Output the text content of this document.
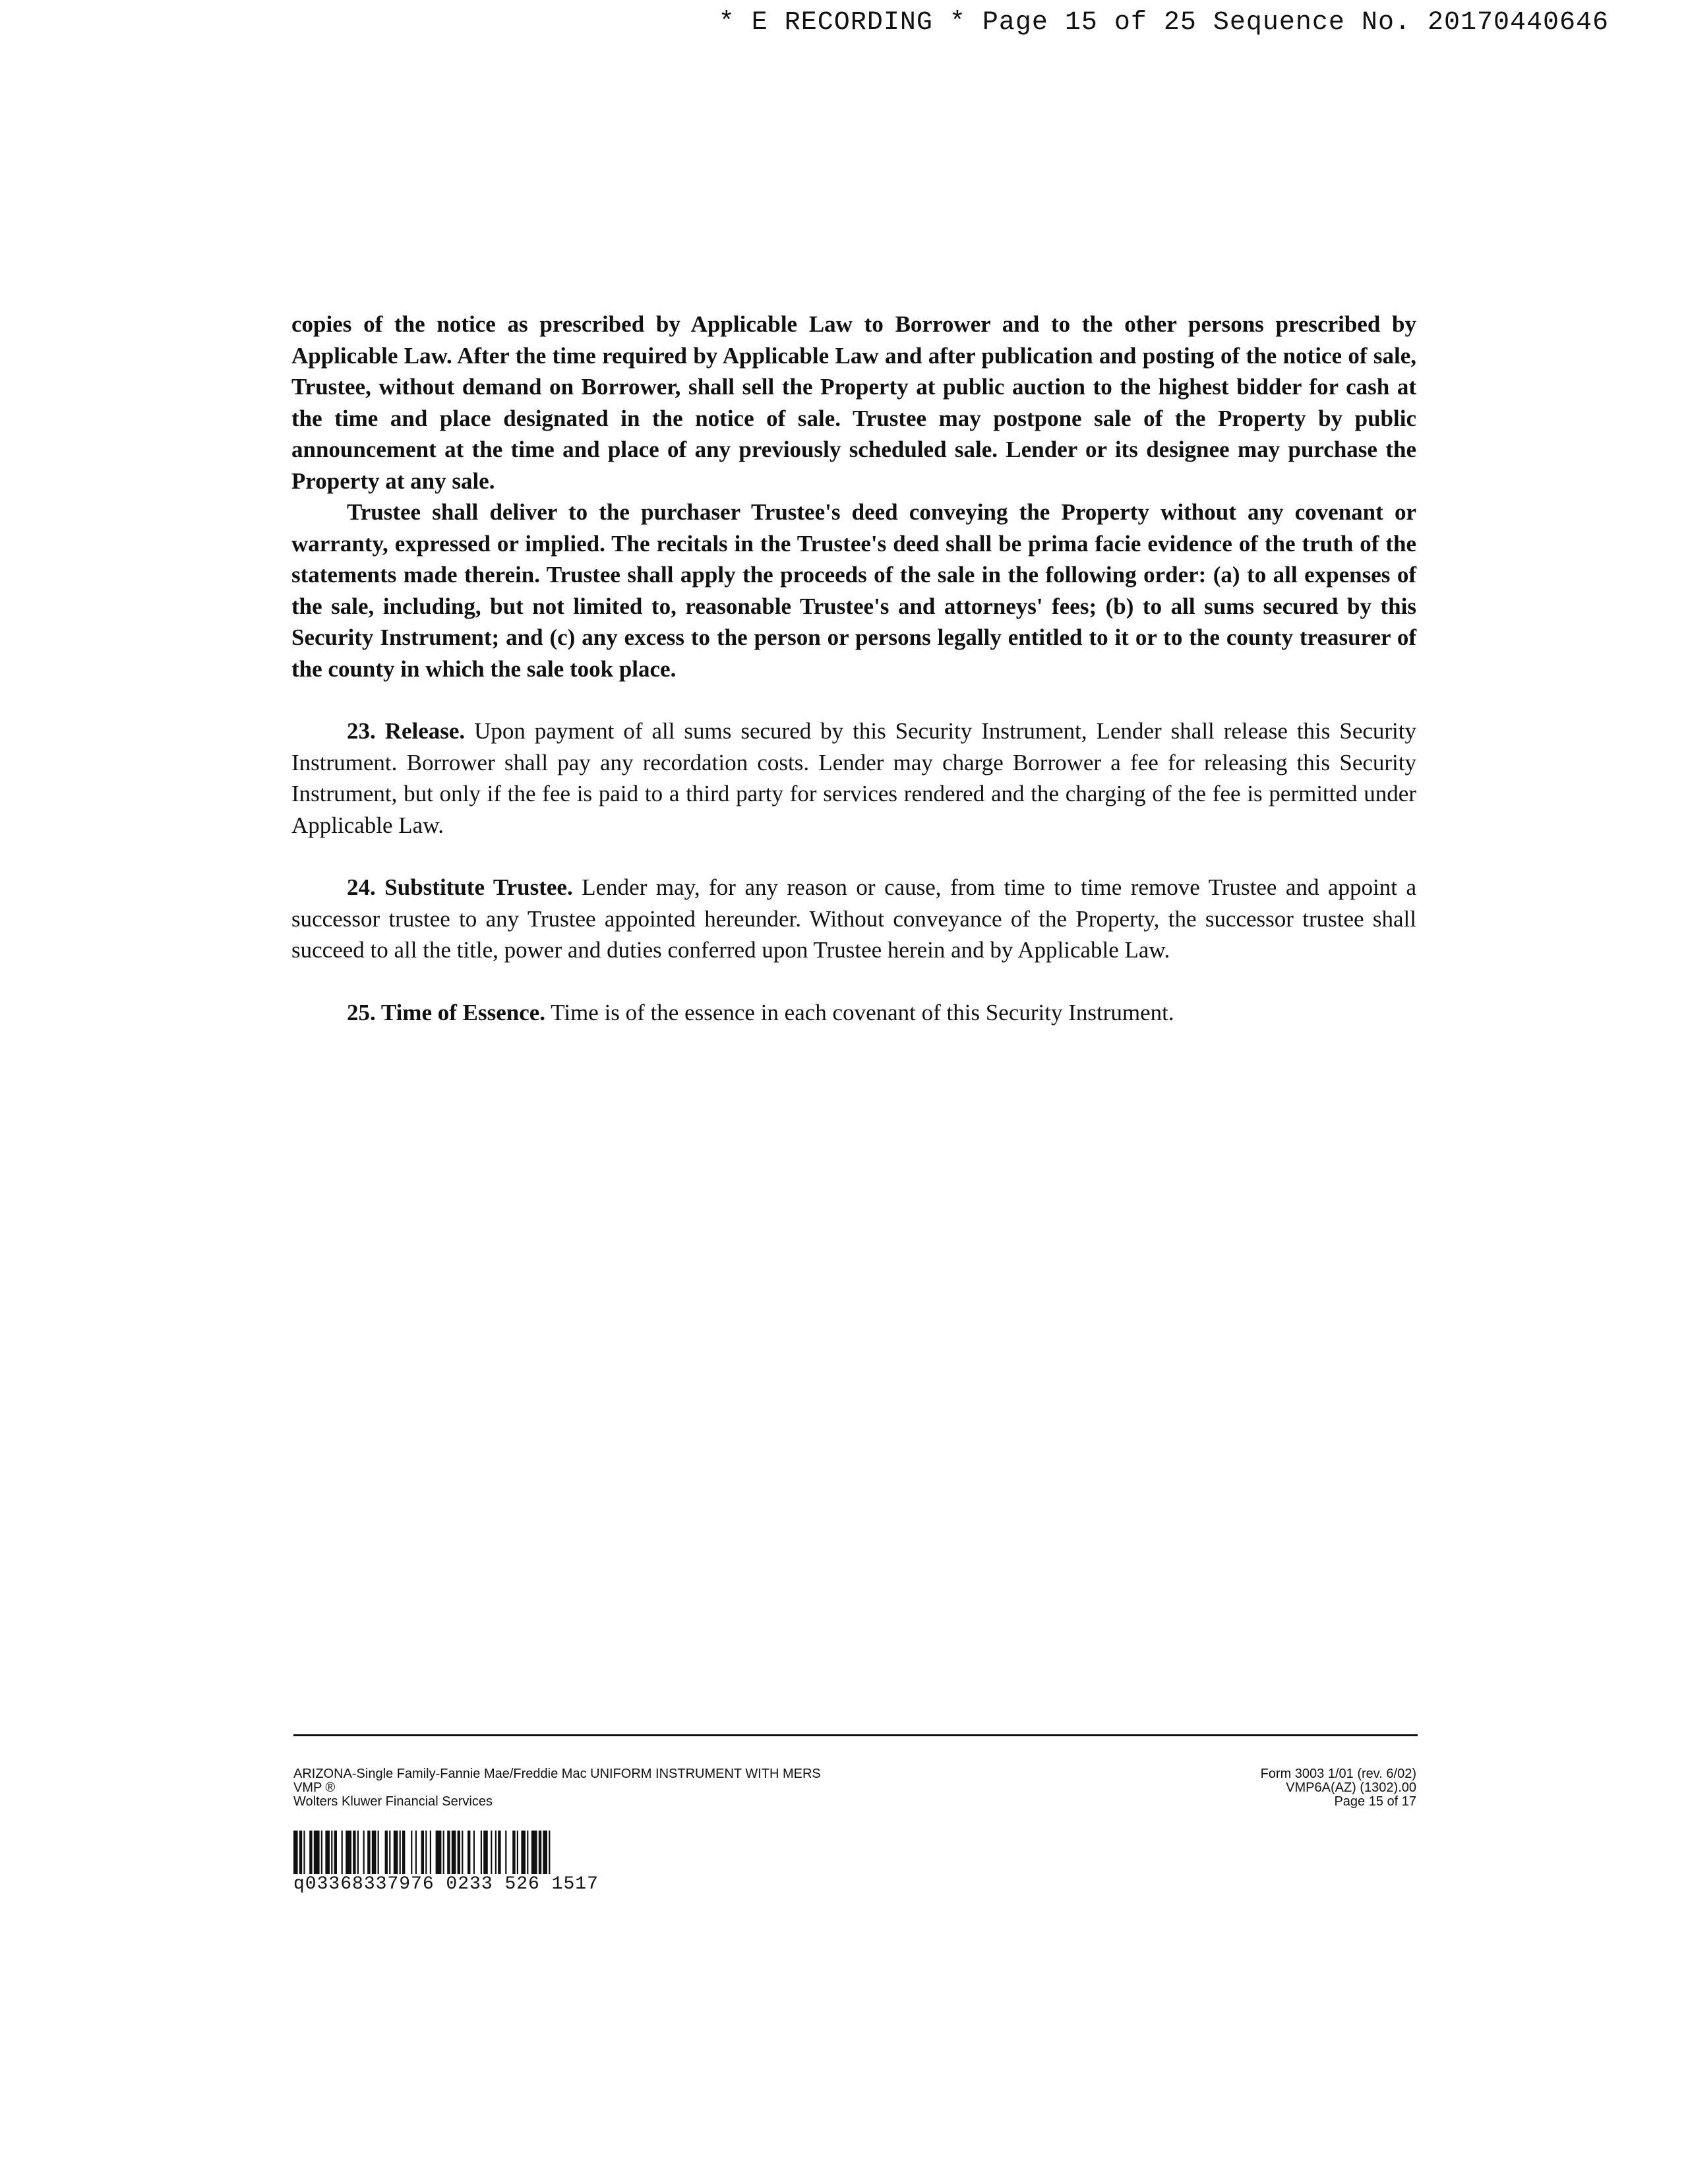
* E RECORDING * Page 15 of 25 Sequence No. 20170440646

copies of the notice as prescribed by Applicable Law to Borrower and to the other persons prescribed by Applicable Law. After the time required by Applicable Law and after publication and posting of the notice of sale, Trustee, without demand on Borrower, shall sell the Property at public auction to the highest bidder for cash at the time and place designated in the notice of sale. Trustee may postpone sale of the Property by public announcement at the time and place of any previously scheduled sale. Lender or its designee may purchase the Property at any sale.

Trustee shall deliver to the purchaser Trustee's deed conveying the Property without any covenant or warranty, expressed or implied. The recitals in the Trustee's deed shall be prima facie evidence of the truth of the statements made therein. Trustee shall apply the proceeds of the sale in the following order: (a) to all expenses of the sale, including, but not limited to, reasonable Trustee's and attorneys' fees; (b) to all sums secured by this Security Instrument; and (c) any excess to the person or persons legally entitled to it or to the county treasurer of the county in which the sale took place.

23. Release. Upon payment of all sums secured by this Security Instrument, Lender shall release this Security Instrument. Borrower shall pay any recordation costs. Lender may charge Borrower a fee for releasing this Security Instrument, but only if the fee is paid to a third party for services rendered and the charging of the fee is permitted under Applicable Law.

24. Substitute Trustee. Lender may, for any reason or cause, from time to time remove Trustee and appoint a successor trustee to any Trustee appointed hereunder. Without conveyance of the Property, the successor trustee shall succeed to all the title, power and duties conferred upon Trustee herein and by Applicable Law.

25. Time of Essence. Time is of the essence in each covenant of this Security Instrument.

ARIZONA-Single Family-Fannie Mae/Freddie Mac UNIFORM INSTRUMENT WITH MERS
VMP ®
Wolters Kluwer Financial Services
Form 3003 1/01 (rev. 6/02)
VMP6A(AZ) (1302).00
Page 15 of 17
q03368337976 0233 526 1517
